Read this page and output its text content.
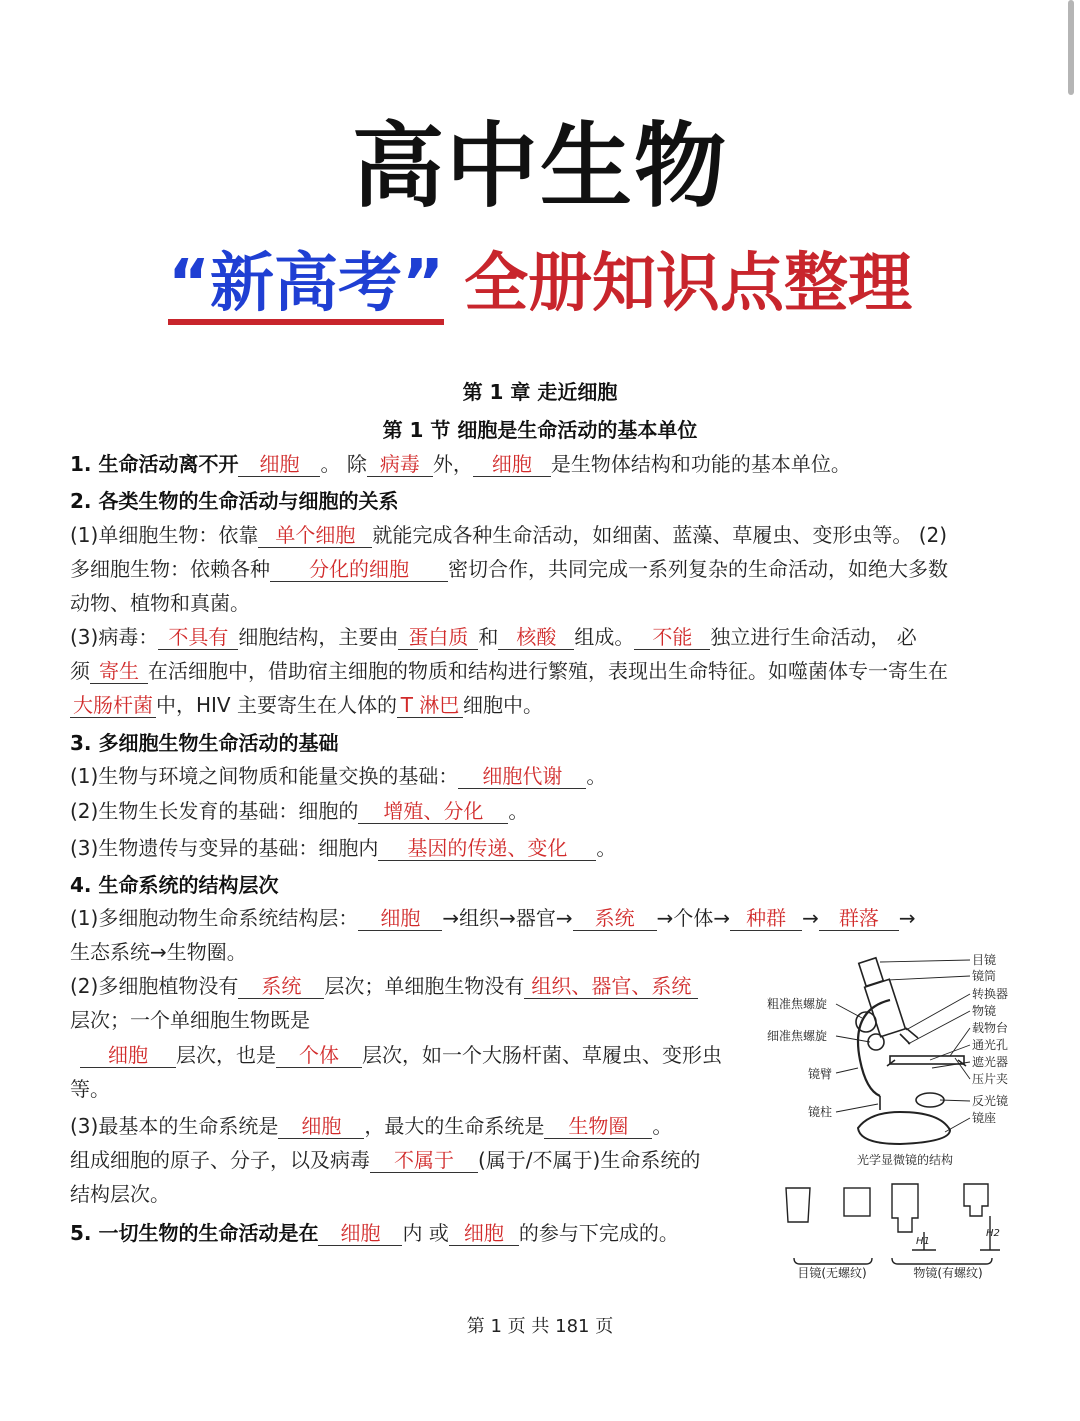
高中生物
“新高考” 全册知识点整理
第 1 章 走近细胞
第 1 节 细胞是生命活动的基本单位
1. 生命活动离不开 细胞 。 除 病毒 外， 细胞 是生物体结构和功能的基本单位。
2. 各类生物的生命活动与细胞的关系
(1)单细胞生物：依靠 单个细胞 就能完成各种生命活动，如细菌、蓝藻、草履虫、变形虫等。 (2)
多细胞生物：依赖各种 分化的细胞 密切合作，共同完成一系列复杂的生命活动，如绝大多数
动物、植物和真菌。
(3)病毒： 不具有 细胞结构，主要由 蛋白质 和 核酸 组成。 不能 独立进行生命活动， 必
须 寄生 在活细胞中，借助宿主细胞的物质和结构进行繁殖，表现出生命特征。如噬菌体专一寄生在
大肠杆菌 中，HIV 主要寄生在人体的 T 淋巴 细胞中。
3. 多细胞生物生命活动的基础
(1)生物与环境之间物质和能量交换的基础： 细胞代谢 。
(2)生物生长发育的基础：细胞的 增殖、分化 。
(3)生物遗传与变异的基础：细胞内 基因的传递、变化 。
4. 生命系统的结构层次
(1)多细胞动物生命系统结构层： 细胞 →组织→器官→ 系统 →个体→ 种群 → 群落 →
生态系统→生物圈。
(2)多细胞植物没有 系统 层次；单细胞生物没有 组织、器官、系统
层次；一个单细胞生物既是
细胞 层次，也是 个体 层次，如一个大肠杆菌、草履虫、变形虫
等。
(3)最基本的生命系统是 细胞 ，最大的生命系统是 生物圈 。
组成细胞的原子、分子，以及病毒 不属于 (属于/不属于)生命系统的
结构层次。
5. 一切生物的生命活动是在 细胞 内 或 细胞 的参与下完成的。
目镜
镜筒
转换器
物镜
载物台
通光孔
遮光器
压片夹
反光镜
镜座
粗准焦螺旋
细准焦螺旋
镜臂
镜柱
光学显微镜的结构
H1
H2
目镜(无螺纹)	物镜(有螺纹)
第 1 页 共 181 页
